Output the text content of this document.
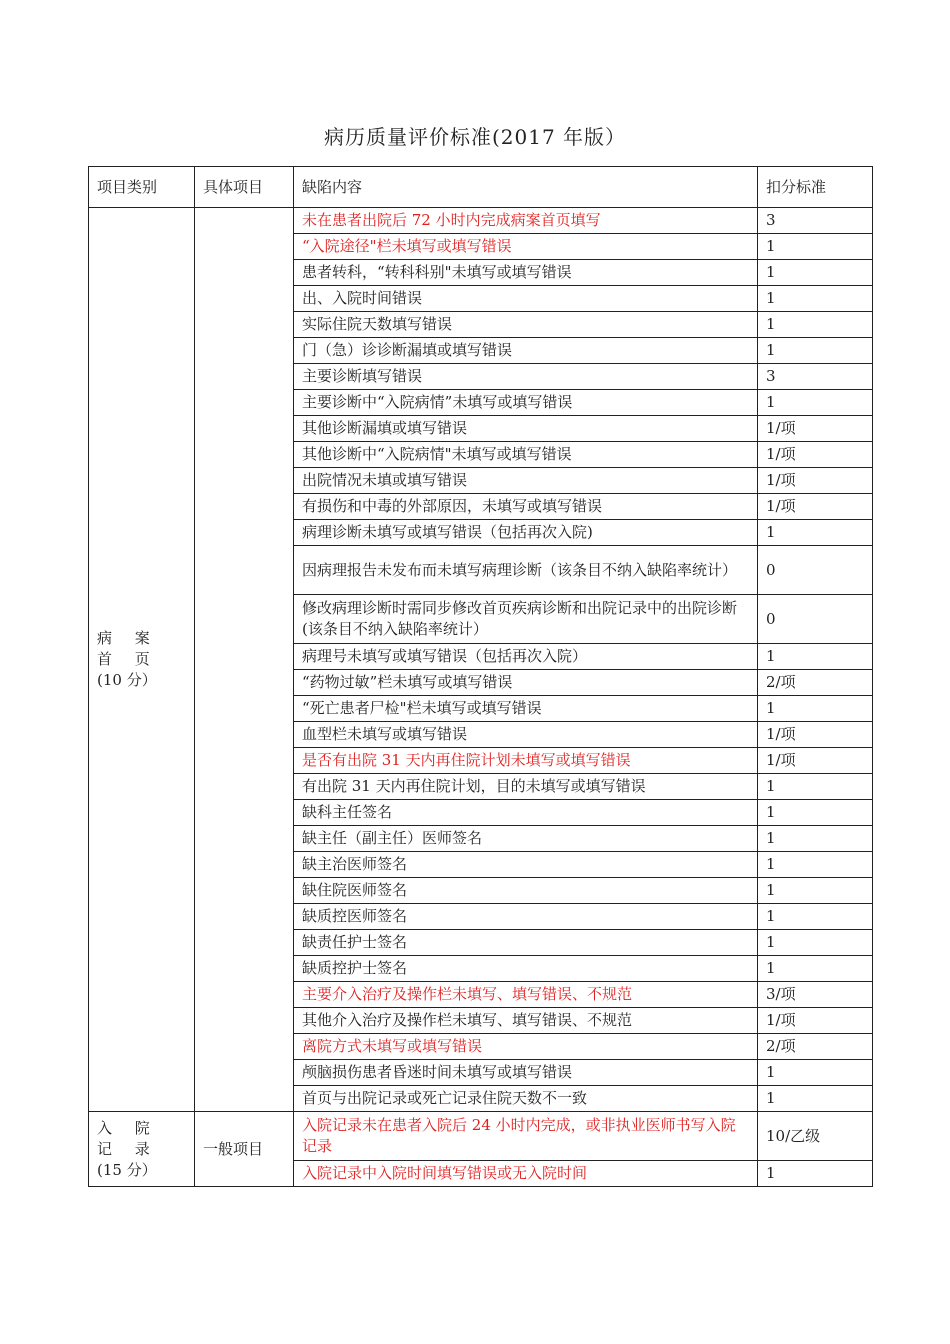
病历质量评价标准(2017 年版）
项目类别	具体项目	缺陷内容	扣分标准

病 案 首 页
(10 分）		未在患者出院后 72 小时内完成病案首页填写	3
		“入院途径"栏未填写或填写错误	1
		患者转科，“转科科别"未填写或填写错误	1
		出、入院时间错误	1
		实际住院天数填写错误	1
		门（急）诊诊断漏填或填写错误	1
		主要诊断填写错误	3
		主要诊断中“入院病情”未填写或填写错误	1
		其他诊断漏填或填写错误	1/项
		其他诊断中“入院病情"未填写或填写错误	1/项
		出院情况未填或填写错误	1/项
		有损伤和中毒的外部原因，未填写或填写错误	1/项
		病理诊断未填写或填写错误（包括再次入院)	1
		因病理报告未发布而未填写病理诊断（该条目不纳入缺陷率统计）	0
		修改病理诊断时需同步修改首页疾病诊断和出院记录中的出院诊断(该条目不纳入缺陷率统计）	0
		病理号未填写或填写错误（包括再次入院）	1
		“药物过敏”栏未填写或填写错误	2/项
		“死亡患者尸检"栏未填写或填写错误	1
		血型栏未填写或填写错误	1/项
		是否有出院 31 天内再住院计划未填写或填写错误	1/项
		有出院 31 天内再住院计划，目的未填写或填写错误	1
		缺科主任签名	1
		缺主任（副主任）医师签名	1
		缺主治医师签名	1
		缺住院医师签名	1
		缺质控医师签名	1
		缺责任护士签名	1
		缺质控护士签名	1
		主要介入治疗及操作栏未填写、填写错误、不规范	3/项
		其他介入治疗及操作栏未填写、填写错误、不规范	1/项
		离院方式未填写或填写错误	2/项
		颅脑损伤患者昏迷时间未填写或填写错误	1
		首页与出院记录或死亡记录住院天数不一致	1

入 院 记 录
(15 分）	一般项目	入院记录未在患者入院后 24 小时内完成，或非执业医师书写入院记录	10/乙级
		入院记录中入院时间填写错误或无入院时间	1
